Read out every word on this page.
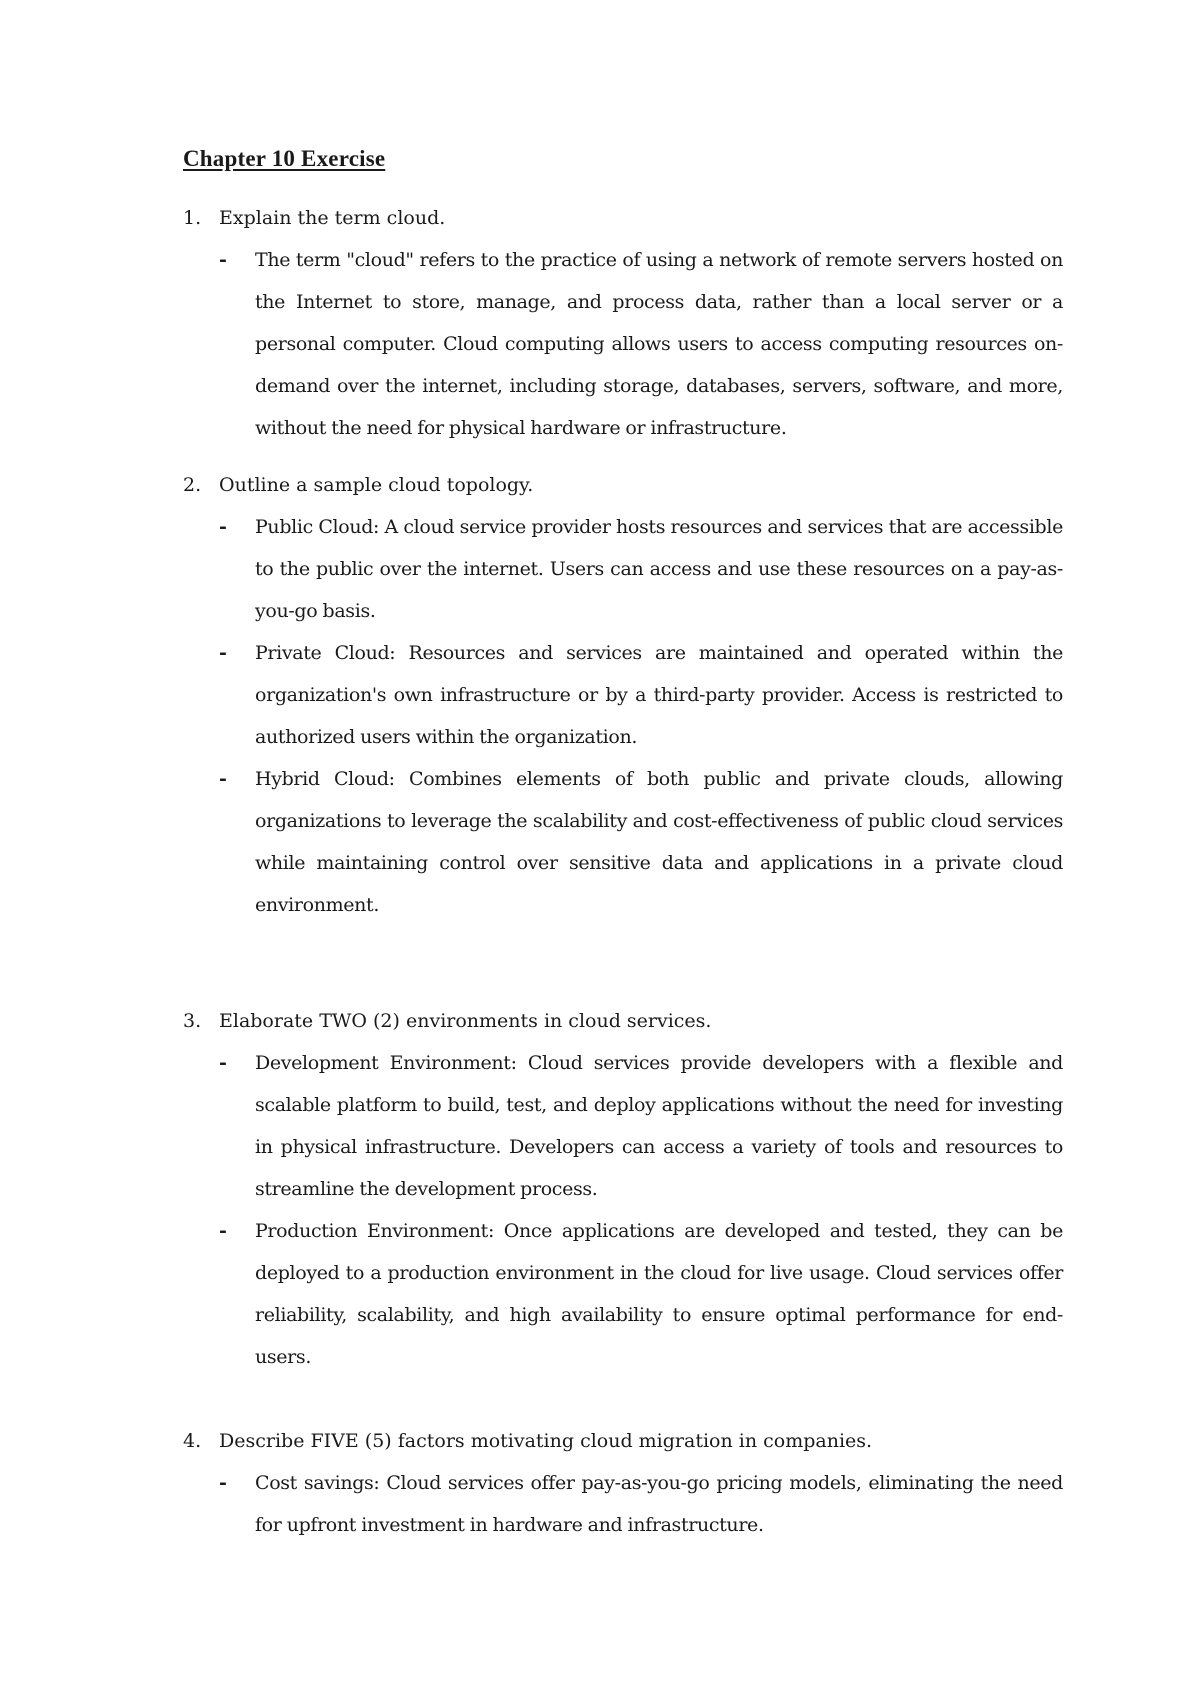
Chapter 10 Exercise
1. Explain the term cloud.
-	The term "cloud" refers to the practice of using a network of remote servers hosted on the Internet to store, manage, and process data, rather than a local server or a personal computer. Cloud computing allows users to access computing resources on-demand over the internet, including storage, databases, servers, software, and more, without the need for physical hardware or infrastructure.
2. Outline a sample cloud topology.
-	Public Cloud: A cloud service provider hosts resources and services that are accessible to the public over the internet. Users can access and use these resources on a pay-as-you-go basis.
-	Private Cloud: Resources and services are maintained and operated within the organization's own infrastructure or by a third-party provider. Access is restricted to authorized users within the organization.
-	Hybrid Cloud: Combines elements of both public and private clouds, allowing organizations to leverage the scalability and cost-effectiveness of public cloud services while maintaining control over sensitive data and applications in a private cloud environment.
3. Elaborate TWO (2) environments in cloud services.
-	Development Environment: Cloud services provide developers with a flexible and scalable platform to build, test, and deploy applications without the need for investing in physical infrastructure. Developers can access a variety of tools and resources to streamline the development process.
-	Production Environment: Once applications are developed and tested, they can be deployed to a production environment in the cloud for live usage. Cloud services offer reliability, scalability, and high availability to ensure optimal performance for end-users.
4. Describe FIVE (5) factors motivating cloud migration in companies.
-	Cost savings: Cloud services offer pay-as-you-go pricing models, eliminating the need for upfront investment in hardware and infrastructure.
